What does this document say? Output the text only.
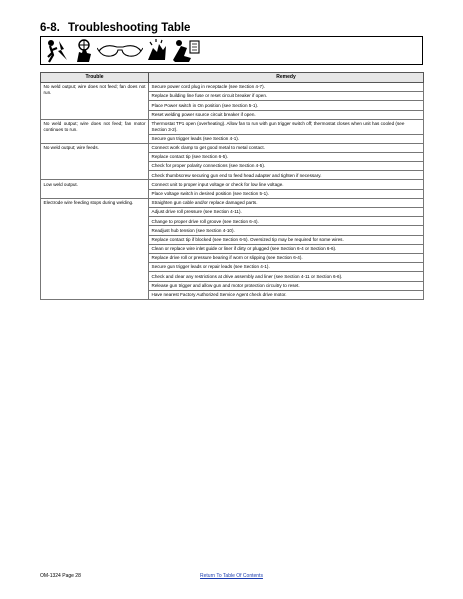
6-8. Troubleshooting Table
Trouble	Remedy
No weld output; wire does not feed; fan does not run.	Secure power cord plug in receptacle (see Section 4-7).
	Replace building line fuse or reset circuit breaker if open.
	Place Power switch in On position (see Section 5-1).
	Reset welding power source circuit breaker if open.
No weld output; wire does not feed; fan motor continues to run.	Thermostat TP1 open (overheating). Allow fan to run with gun trigger switch off; thermostat closes when unit has cooled (see Section 3-2).
	Secure gun trigger leads (see Section 4-1).
No weld output; wire feeds.	Connect work clamp to get good metal to metal contact.
	Replace contact tip (see Section 6-5).
	Check for proper polarity connections (see Section 4-5).
	Check thumbscrew securing gun end to feed head adapter and tighten if necessary.
Low weld output.	Connect unit to proper input voltage or check for low line voltage.
	Place voltage switch in desired position (see Section 5-1).
Electrode wire feeding stops during welding.	Straighten gun cable and/or replace damaged parts.
	Adjust drive roll pressure (see Section 4-11).
	Change to proper drive roll groove (see Section 6-4).
	Readjust hub tension (see Section 4-10).
	Replace contact tip if blocked (see Section 6-5). Oversized tip may be required for some wires.
	Clean or replace wire inlet guide or liner if dirty or plugged (see Section 6-4 or Section 6-6).
	Replace drive roll or pressure bearing if worn or slipping (see Section 6-4).
	Secure gun trigger leads or repair leads (see Section 4-1).
	Check and clear any restrictions at drive assembly and liner (see Section 4-11 or Section 6-6).
	Release gun trigger and allow gun and motor protection circuitry to reset.
	Have nearest Factory Authorized Service Agent check drive motor.
OM-1324 Page 28	Return To Table Of Contents
